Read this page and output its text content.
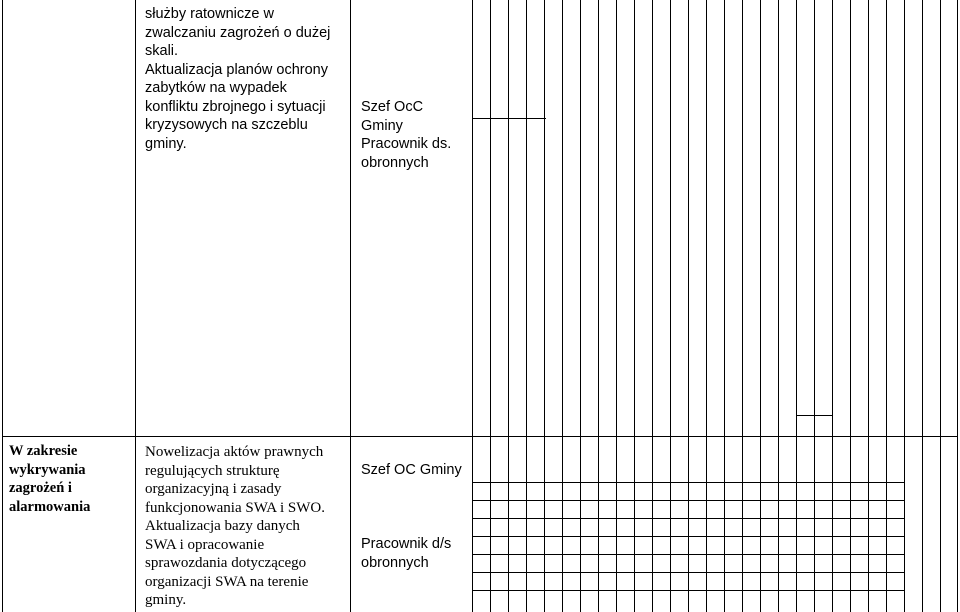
służby ratownicze w
zwalczaniu zagrożeń o dużej
skali.
Aktualizacja planów ochrony
zabytków na wypadek
konfliktu zbrojnego i sytuacji
kryzysowych na szczeblu
gminy.
Szef OcC
Gminy
Pracownik ds.
obronnych
W zakresie
wykrywania
zagrożeń i
alarmowania
Nowelizacja aktów prawnych
regulujących strukturę
organizacyjną i zasady
funkcjonowania SWA i SWO.
Aktualizacja bazy danych
SWA i opracowanie
sprawozdania dotyczącego
organizacji SWA na terenie
gminy.
Szef OC Gminy
Pracownik d/s
obronnych
